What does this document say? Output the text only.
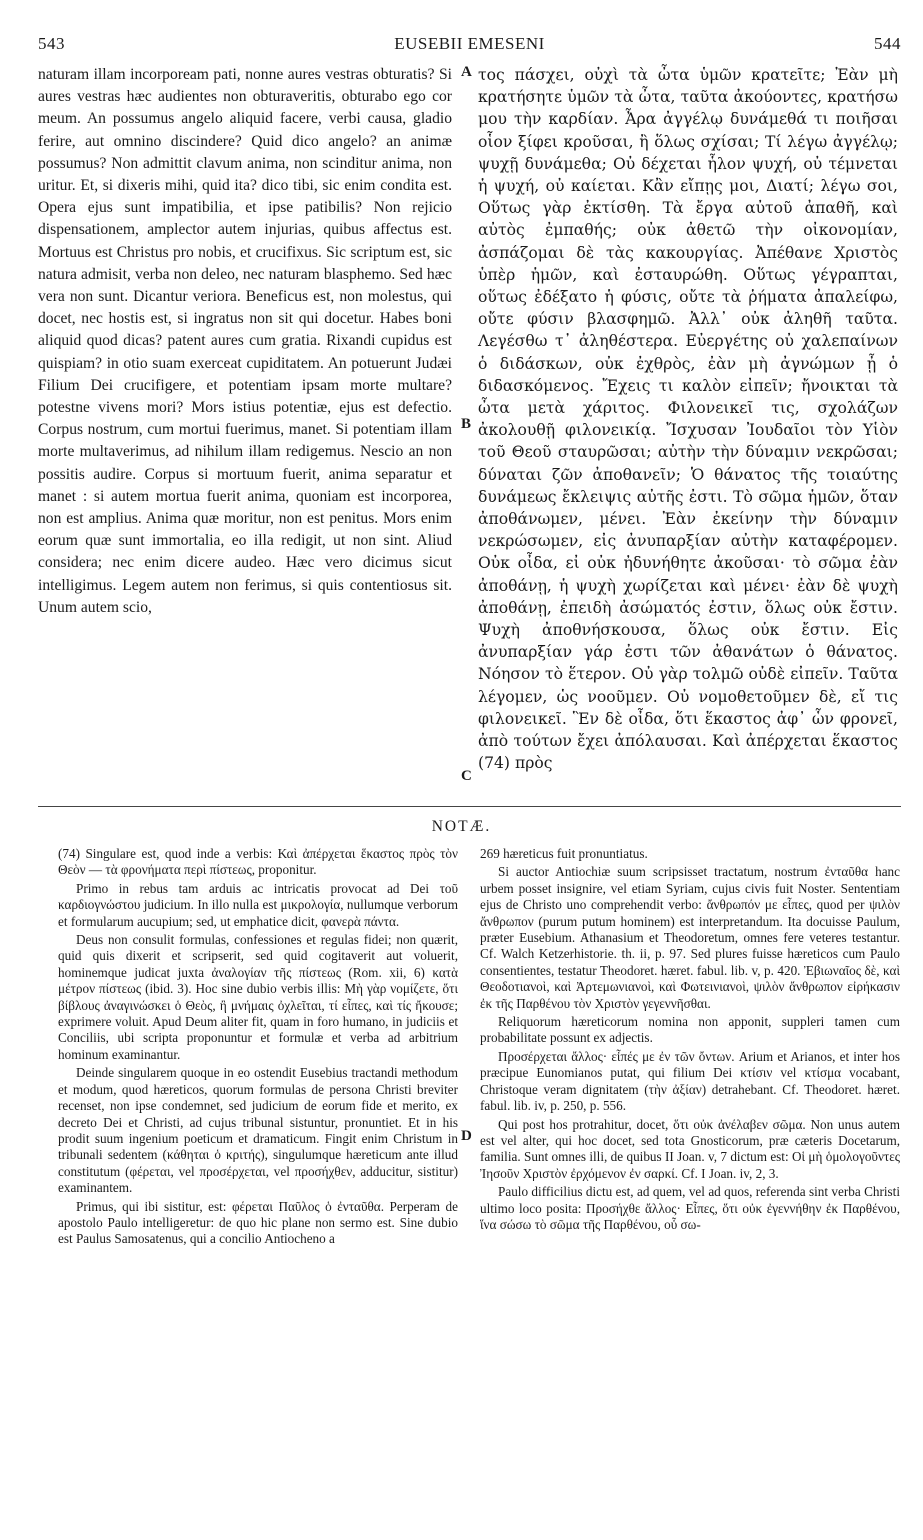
543	EUSEBII EMESENI	544
naturam illam incorpoream pati, nonne aures vestras obturatis? Si aures vestras hæc audientes non obturaveritis, obturabo ego cor meum. An possumus angelo aliquid facere, verbi causa, gladio ferire, aut omnino discindere? Quid dico angelo? an animæ possumus? Non admittit clavum anima, non scinditur anima, non uritur. Et, si dixeris mihi, quid ita? dico tibi, sic enim condita est. Opera ejus sunt impatibilia, et ipse patibilis? Non rejicio dispensationem, amplector autem injurias, quibus affectus est. Mortuus est Christus pro nobis, et crucifixus. Sic scriptum est, sic natura admisit, verba non deleo, nec naturam blasphemo. Sed hæc vera non sunt. Dicantur veriora. Beneficus est, non molestus, qui docet, nec hostis est, si ingratus non sit qui docetur. Habes boni aliquid quod dicas? patent aures cum gratia. Rixandi cupidus est quispiam? in otio suam exerceat cupiditatem. An potuerunt Judæi Filium Dei crucifigere, et potentiam ipsam morte multare? potestne vivens mori? Mors istius potentiæ, ejus est defectio. Corpus nostrum, cum mortui fuerimus, manet. Si potentiam illam morte multaverimus, ad nihilum illam redigemus. Nescio an non possitis audire. Corpus si mortuum fuerit, anima separatur et manet : si autem mortua fuerit anima, quoniam est incorporea, non est amplius. Anima quæ moritur, non est penitus. Mors enim eorum quæ sunt immortalia, eo illa redigit, ut non sint. Aliud considera; nec enim dicere audeo. Hæc vero dicimus sicut intelligimus. Legem autem non ferimus, si quis contentiosus sit. Unum autem scio,
A
B
C
τος πάσχει, οὐχὶ τὰ ὦτα ὑμῶν κρατεῖτε; Ἐὰν μὴ κρατήσητε ὑμῶν τὰ ὦτα, ταῦτα ἀκούοντες, κρατήσω μου τὴν καρδίαν. Ἆρα ἀγγέλῳ δυνάμεθά τι ποιῆσαι οἷον ξίφει κροῦσαι, ἢ ὅλως σχίσαι; Τί λέγω ἀγγέλῳ; ψυχῇ δυνάμεθα; Οὐ δέχεται ἧλον ψυχή, οὐ τέμνεται ἡ ψυχή, οὐ καίεται. Κἂν εἴπῃς μοι, Διατί; λέγω σοι, Οὕτως γὰρ ἐκτίσθη. Τὰ ἔργα αὐτοῦ ἀπαθῆ, καὶ αὐτὸς ἐμπαθής; οὐκ ἀθετῶ τὴν οἰκονομίαν, ἀσπάζομαι δὲ τὰς κακουργίας. Ἀπέθανε Χριστὸς ὑπὲρ ἡμῶν, καὶ ἐσταυρώθη. Οὕτως γέγραπται, οὕτως ἐδέξατο ἡ φύσις, οὔτε τὰ ῥήματα ἀπαλείφω, οὔτε φύσιν βλασφημῶ. Ἀλλ᾽ οὐκ ἀληθῆ ταῦτα. Λεγέσθω τ᾽ ἀληθέστερα. Εὐεργέτης οὐ χαλεπαίνων ὁ διδάσκων, οὐκ ἐχθρὸς, ἐὰν μὴ ἀγνώμων ᾖ ὁ διδασκόμενος. Ἔχεις τι καλὸν εἰπεῖν; ἤνοικται τὰ ὦτα μετὰ χάριτος. Φιλονεικεῖ τις, σχολάζων ἀκολουθῇ φιλονεικίᾳ. Ἴσχυσαν Ἰουδαῖοι τὸν Υἱὸν τοῦ Θεοῦ σταυρῶσαι; αὐτὴν τὴν δύναμιν νεκρῶσαι; δύναται ζῶν ἀποθανεῖν; Ὁ θάνατος τῆς τοιαύτης δυνάμεως ἔκλειψις αὐτῆς ἐστι. Τὸ σῶμα ἡμῶν, ὅταν ἀποθάνωμεν, μένει. Ἐὰν ἐκείνην τὴν δύναμιν νεκρώσωμεν, εἰς ἀνυπαρξίαν αὐτὴν καταφέρομεν. Οὐκ οἶδα, εἰ οὐκ ἠδυνήθητε ἀκοῦσαι· τὸ σῶμα ἐὰν ἀποθάνῃ, ἡ ψυχὴ χωρίζεται καὶ μένει· ἐὰν δὲ ψυχὴ ἀποθάνῃ, ἐπειδὴ ἀσώματός ἐστιν, ὅλως οὐκ ἔστιν. Ψυχὴ ἀποθνήσκουσα, ὅλως οὐκ ἔστιν. Εἰς ἀνυπαρξίαν γάρ ἐστι τῶν ἀθανάτων ὁ θάνατος. Νόησον τὸ ἕτερον. Οὐ γὰρ τολμῶ οὐδὲ εἰπεῖν. Ταῦτα λέγομεν, ὡς νοοῦμεν. Οὐ νομοθετοῦμεν δὲ, εἴ τις φιλονεικεῖ. Ἓν δὲ οἶδα, ὅτι ἕκαστος ἀφ᾽ ὧν φρονεῖ, ἀπὸ τούτων ἔχει ἀπόλαυσαι. Καὶ ἀπέρχεται ἕκαστος (74) πρὸς
NOTÆ.

(74) Singulare est, quod inde a verbis: Καὶ ἀπέρχεται ἕκαστος πρὸς τὸν Θεὸν — τὰ φρονήματα περὶ πίστεως, proponitur.

Primo in rebus tam arduis ac intricatis provocat ad Dei τοῦ καρδιογνώστου judicium. In illo nulla est μικρολογία, nullumque verborum et formularum aucupium; sed, ut emphatice dicit, φανερὰ πάντα.

Deus non consulit formulas, confessiones et regulas fidei; non quærit, quid quis dixerit et scripserit, sed quid cogitaverit aut voluerit, hominemque judicat juxta ἀναλογίαν τῆς πίστεως (Rom. xii, 6) κατὰ μέτρον πίστεως (ibid. 3). Hoc sine dubio verbis illis: Μὴ γὰρ νομίζετε, ὅτι βίβλους ἀναγινώσκει ὁ Θεὸς, ἢ μνήμαις ὀχλεῖται, τί εἶπες, καὶ τίς ἤκουσε; exprimere voluit. Apud Deum aliter fit, quam in foro humano, in judiciis et Conciliis, ubi scripta proponuntur et formulæ et verba ad arbitrium hominum examinantur.

Deinde singularem quoque in eo ostendit Eusebius tractandi methodum et modum, quod hæreticos, quorum formulas de persona Christi breviter recenset, non ipse condemnet, sed judicium de eorum fide et merito, ex decreto Dei et Christi, ad cujus tribunal sistuntur, pronuntiet. Et in his prodit suum ingenium poeticum et dramaticum. Fingit enim Christum in tribunali sedentem (κάθηται ὁ κριτής), singulumque hæreticum ante illud constitutum (φέρεται, vel προσέρχεται, vel προσήχθεν, adducitur, sistitur) examinantem.

Primus, qui ibi sistitur, est: φέρεται Παῦλος ὁ ἐνταῦθα. Perperam de apostolo Paulo intelligeretur: de quo hic plane non sermo est. Sine dubio est Paulus Samosatenus, qui a concilio Antiocheno a

D

269 hæreticus fuit pronuntiatus.

Si auctor Antiochiæ suum scripsisset tractatum, nostrum ἐνταῦθα hanc urbem posset insignire, vel etiam Syriam, cujus civis fuit Noster. Sententiam ejus de Christo uno comprehendit verbo: ἄνθρωπόν με εἶπες, quod per ψιλὸν ἄνθρωπον (purum putum hominem) est interpretandum. Ita docuisse Paulum, præter Eusebium. Athanasium et Theodoretum, omnes fere veteres testantur. Cf. Walch Ketzerhistorie. th. ii, p. 97. Sed plures fuisse hæreticos cum Paulo consentientes, testatur Theodoret. hæret. fabul. lib. v, p. 420. Ἐβιωναῖος δὲ, καὶ Θεοδοτιανοὶ, καὶ Ἀρτεμωνιανοὶ, καὶ Φωτεινιανοὶ, ψιλὸν ἄνθρωπον εἰρήκασιν ἐκ τῆς Παρθένου τὸν Χριστὸν γεγεννῆσθαι.

Reliquorum hæreticorum nomina non apponit, suppleri tamen cum probabilitate possunt ex adjectis.

Προσέρχεται ἄλλος· εἶπές με ἐν τῶν ὄντων. Arium et Arianos, et inter hos præcipue Eunomianos putat, qui filium Dei κτίσιν vel κτίσμα vocabant, Christoque veram dignitatem (τὴν ἀξίαν) detrahebant. Cf. Theodoret. hæret. fabul. lib. iv, p. 250, p. 556.

Qui post hos protrahitur, docet, ὅτι οὐκ ἀνέλαβεν σῶμα. Non unus autem est vel alter, qui hoc docet, sed tota Gnosticorum, præ cæteris Docetarum, familia. Sunt omnes illi, de quibus II Joan. v, 7 dictum est: Οἱ μὴ ὁμολογοῦντες Ἰησοῦν Χριστὸν ἐρχόμενον ἐν σαρκί. Cf. I Joan. iv, 2, 3.

Paulo difficilius dictu est, ad quem, vel ad quos, referenda sint verba Christi ultimo loco posita: Προσήχθε ἄλλος· Εἶπες, ὅτι οὐκ ἐγεννήθην ἐκ Παρθένου, ἵνα σώσω τὸ σῶμα τῆς Παρθένου, οὗ σω-
